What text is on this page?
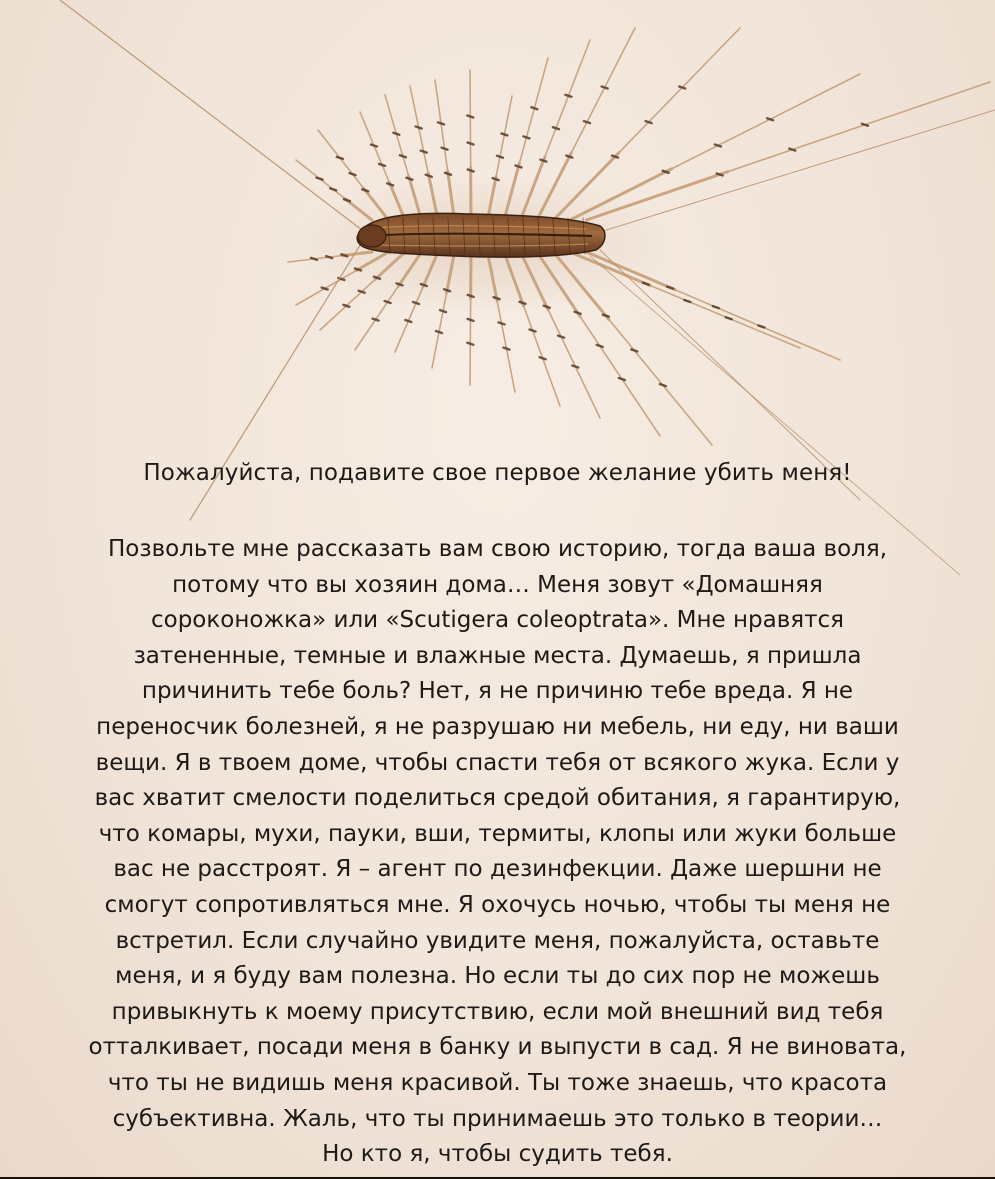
Пожалуйста, подавите свое первое желание убить меня!
Позвольте мне рассказать вам свою историю, тогда ваша воля,
потому что вы хозяин дома… Меня зовут «Домашняя
сороконожка» или «Scutigera coleoptrata». Мне нравятся
затененные, темные и влажные места. Думаешь, я пришла
причинить тебе боль? Нет, я не причиню тебе вреда. Я не
переносчик болезней, я не разрушаю ни мебель, ни еду, ни ваши
вещи. Я в твоем доме, чтобы спасти тебя от всякого жука. Если у
вас хватит смелости поделиться средой обитания, я гарантирую,
что комары, мухи, пауки, вши, термиты, клопы или жуки больше
вас не расстроят. Я – агент по дезинфекции. Даже шершни не
смогут сопротивляться мне. Я охочусь ночью, чтобы ты меня не
встретил. Если случайно увидите меня, пожалуйста, оставьте
меня, и я буду вам полезна. Но если ты до сих пор не можешь
привыкнуть к моему присутствию, если мой внешний вид тебя
отталкивает, посади меня в банку и выпусти в сад. Я не виновата,
что ты не видишь меня красивой. Ты тоже знаешь, что красота
субъективна. Жаль, что ты принимаешь это только в теории…
Но кто я, чтобы судить тебя.
